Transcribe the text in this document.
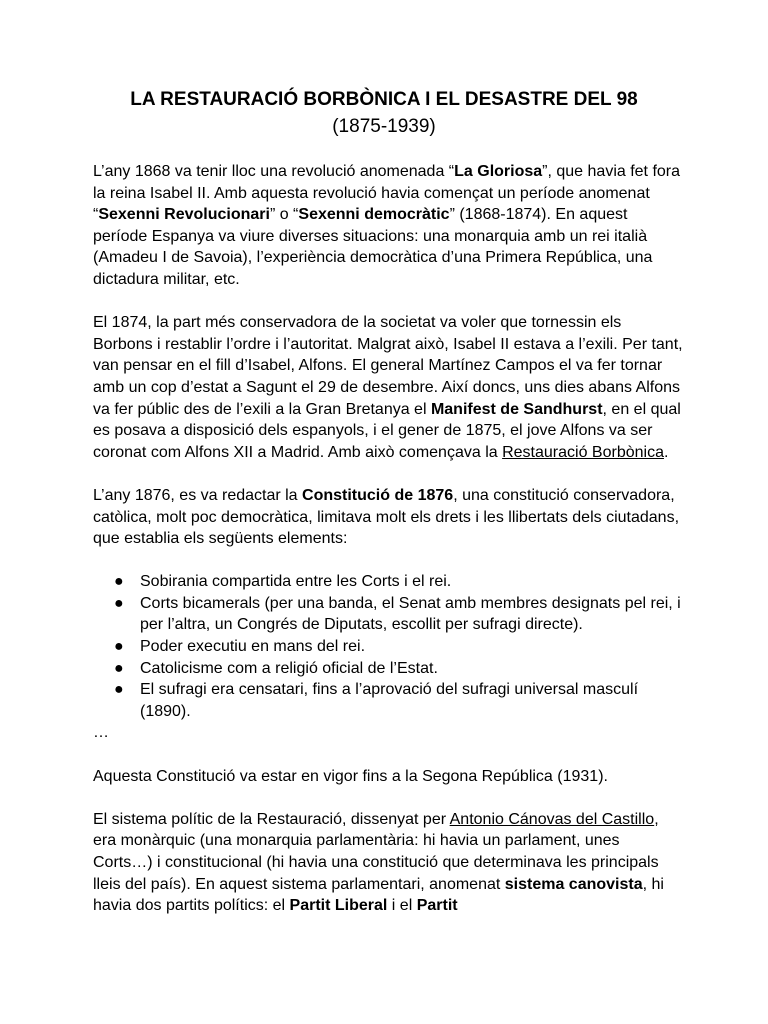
LA RESTAURACIÓ BORBÒNICA I EL DESASTRE DEL 98
(1875-1939)

L’any 1868 va tenir lloc una revolució anomenada “La Gloriosa”, que havia fet fora la reina Isabel II. Amb aquesta revolució havia començat un període anomenat “Sexenni Revolucionari” o “Sexenni democràtic” (1868-1874). En aquest període Espanya va viure diverses situacions: una monarquia amb un rei italià (Amadeu I de Savoia), l’experiència democràtica d’una Primera República, una dictadura militar, etc.

El 1874, la part més conservadora de la societat va voler que tornessin els Borbons i restablir l’ordre i l’autoritat. Malgrat això, Isabel II estava a l’exili. Per tant, van pensar en el fill d’Isabel, Alfons. El general Martínez Campos el va fer tornar amb un cop d’estat a Sagunt el 29 de desembre. Així doncs, uns dies abans Alfons va fer públic des de l’exili a la Gran Bretanya el Manifest de Sandhurst, en el qual es posava a disposició dels espanyols, i el gener de 1875, el jove Alfons va ser coronat com Alfons XII a Madrid. Amb això començava la Restauració Borbònica.

L’any 1876, es va redactar la Constitució de 1876, una constitució conservadora, catòlica, molt poc democràtica, limitava molt els drets i les llibertats dels ciutadans, que establia els següents elements:

● Sobirania compartida entre les Corts i el rei.
● Corts bicamerals (per una banda, el Senat amb membres designats pel rei, i per l’altra, un Congrés de Diputats, escollit per sufragi directe).
● Poder executiu en mans del rei.
● Catolicisme com a religió oficial de l’Estat.
● El sufragi era censatari, fins a l’aprovació del sufragi universal masculí (1890).
…

Aquesta Constitució va estar en vigor fins a la Segona República (1931).

El sistema polític de la Restauració, dissenyat per Antonio Cánovas del Castillo, era monàrquic (una monarquia parlamentària: hi havia un parlament, unes Corts…) i constitucional (hi havia una constitució que determinava les principals lleis del país). En aquest sistema parlamentari, anomenat sistema canovista, hi havia dos partits polítics: el Partit Liberal i el Partit
